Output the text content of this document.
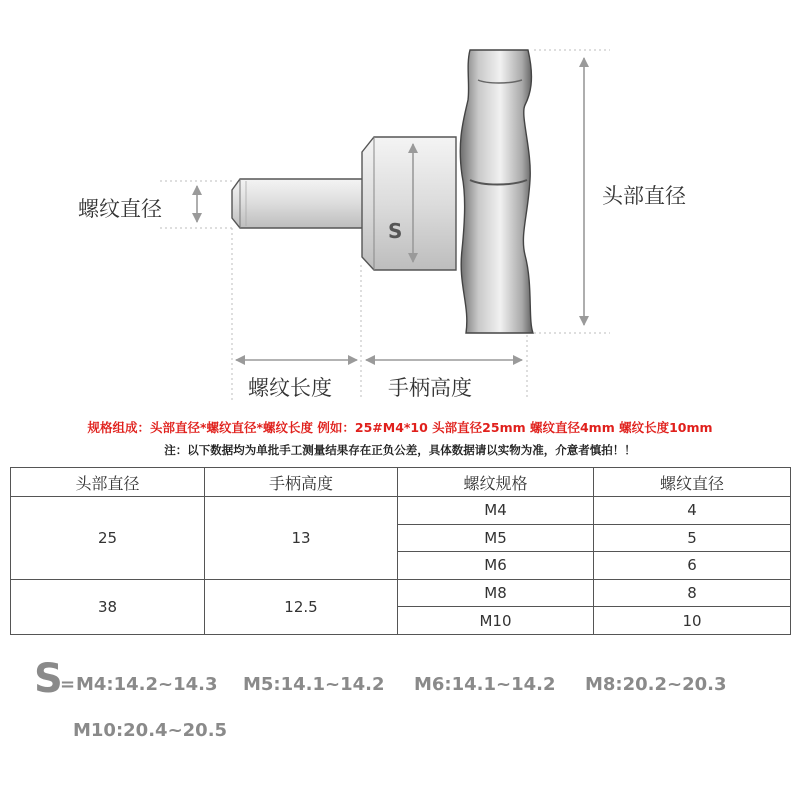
螺纹直径
头部直径
螺纹长度	手柄高度
S
规格组成：头部直径*螺纹直径*螺纹长度 例如：25#M4*10 头部直径25mm 螺纹直径4mm 螺纹长度10mm
注：以下数据均为单批手工测量结果存在正负公差，具体数据请以实物为准，介意者慎拍！！
头部直径	手柄高度	螺纹规格	螺纹直径
25	13	M4	4
		M5	5
		M6	6
38	12.5	M8	8
		M10	10
S
= M4:14.2~14.3 M5:14.1~14.2 M6:14.1~14.2 M8:20.2~20.3
M10:20.4~20.5
